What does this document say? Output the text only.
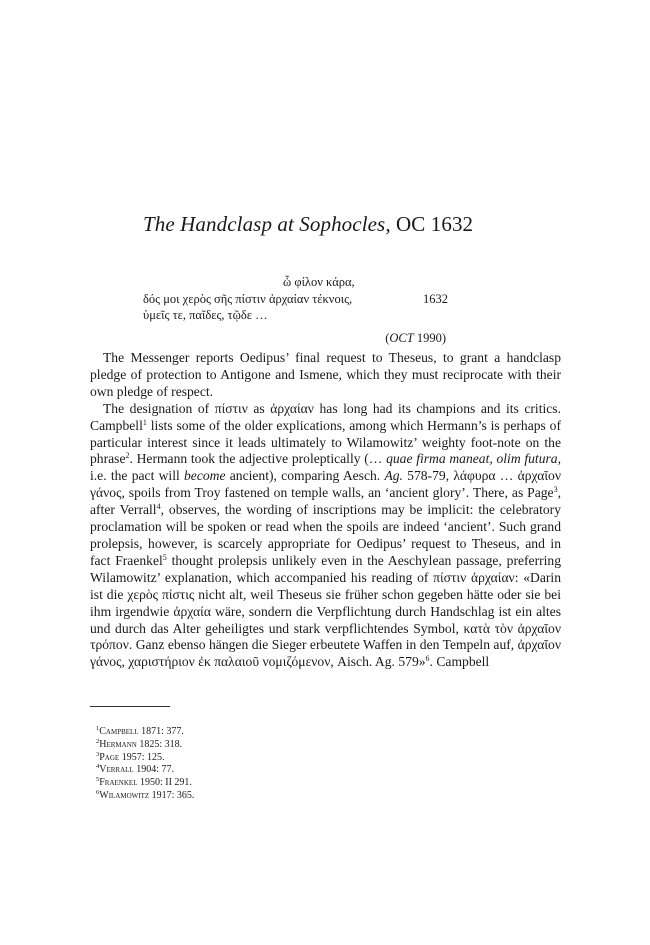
The Handclasp at Sophocles, OC 1632
ὦ φίλον κάρα,
δός μοι χερὸς σῆς πίστιν ἀρχαίαν τέκνοις,	1632
ὑμεῖς τε, παῖδες, τῷδε …
(OCT 1990)

The Messenger reports Oedipus’ final request to Theseus, to grant a handclasp pledge of protection to Antigone and Ismene, which they must reciprocate with their own pledge of respect.

The designation of πίστιν as ἀρχαίαν has long had its champions and its critics. Campbell$^1$ lists some of the older explications, among which Hermann’s is perhaps of particular interest since it leads ultimately to Wilamowitz’ weighty foot-note on the phrase$^2$. Hermann took the adjective proleptically (… quae firma maneat, olim futura, i.e. the pact will become ancient), comparing Aesch. Ag. 578-79, λάφυρα … ἀρχαῖον γάνος, spoils from Troy fastened on temple walls, an ‘ancient glory’. There, as Page$^3$, after Verrall$^4$, observes, the wording of inscriptions may be implicit: the celebratory proclamation will be spoken or read when the spoils are indeed ‘ancient’. Such grand prolepsis, however, is scarcely appropriate for Oedipus’ request to Theseus, and in fact Fraenkel$^5$ thought prolepsis unlikely even in the Aeschylean passage, preferring Wilamowitz’ explanation, which accompanied his reading of πίστιν ἀρχαίαν: «Darin ist die χερὸς πίστις nicht alt, weil Theseus sie früher schon gegeben hätte oder sie bei ihm irgendwie ἀρχαία wäre, sondern die Verpflichtung durch Handschlag ist ein altes und durch das Alter geheiligtes und stark verpflichtendes Symbol, κατὰ τὸν ἀρχαῖον τρόπον. Ganz ebenso hängen die Sieger erbeutete Waffen in den Tempeln auf, ἀρχαῖον γάνος, χαριστήριον ἐκ παλαιοῦ νομιζόμενον, Aisch. Ag. 579»$^6$. Campbell

$^1$Campbell 1871: 377.
$^2$Hermann 1825: 318.
$^3$Page 1957: 125.
$^4$Verrall 1904: 77.
$^5$Fraenkel 1950: II 291.
$^6$Wilamowitz 1917: 365.
